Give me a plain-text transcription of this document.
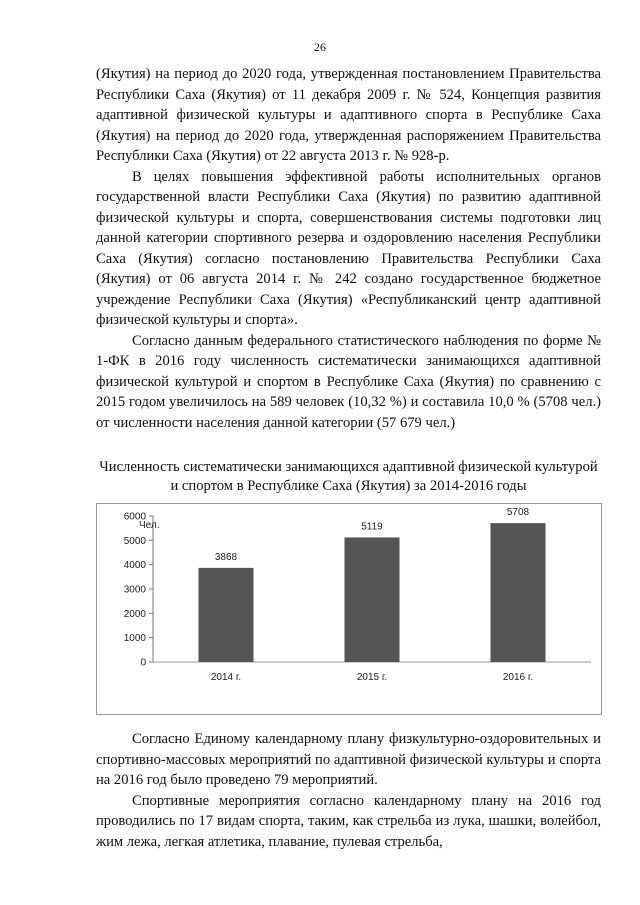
26

(Якутия) на период до 2020 года, утвержденная постановлением Правительства Республики Саха (Якутия) от 11 декабря 2009 г. № 524, Концепция развития адаптивной физической культуры и адаптивного спорта в Республике Саха (Якутия) на период до 2020 года, утвержденная распоряжением Правительства Республики Саха (Якутия) от 22 августа 2013 г. № 928-р.

В целях повышения эффективной работы исполнительных органов государственной власти Республики Саха (Якутия) по развитию адаптивной физической культуры и спорта, совершенствования системы подготовки лиц данной категории спортивного резерва и оздоровлению населения Республики Саха (Якутия) согласно постановлению Правительства Республики Саха (Якутия) от 06 августа 2014 г. № 242 создано государственное бюджетное учреждение Республики Саха (Якутия) «Республиканский центр адаптивной физической культуры и спорта».

Согласно данным федерального статистического наблюдения по форме № 1-ФК в 2016 году численность систематически занимающихся адаптивной физической культурой и спортом в Республике Саха (Якутия) по сравнению с 2015 годом увеличилось на 589 человек (10,32 %) и составила 10,0 % (5708 чел.) от численности населения данной категории (57 679 чел.)

Численность систематически занимающихся адаптивной физической культурой и спортом в Республике Саха (Якутия) за 2014-2016 годы
0
1000
2000
3000
4000
5000
6000
Чел.
3868
2014 г.
5119
2015 г.
5708
2016 г.

Согласно Единому календарному плану физкультурно-оздоровительных и спортивно-массовых мероприятий по адаптивной физической культуры и спорта на 2016 год было проведено 79 мероприятий.

Спортивные мероприятия согласно календарному плану на 2016 год проводились по 17 видам спорта, таким, как стрельба из лука, шашки, волейбол, жим лежа, легкая атлетика, плавание, пулевая стрельба,
